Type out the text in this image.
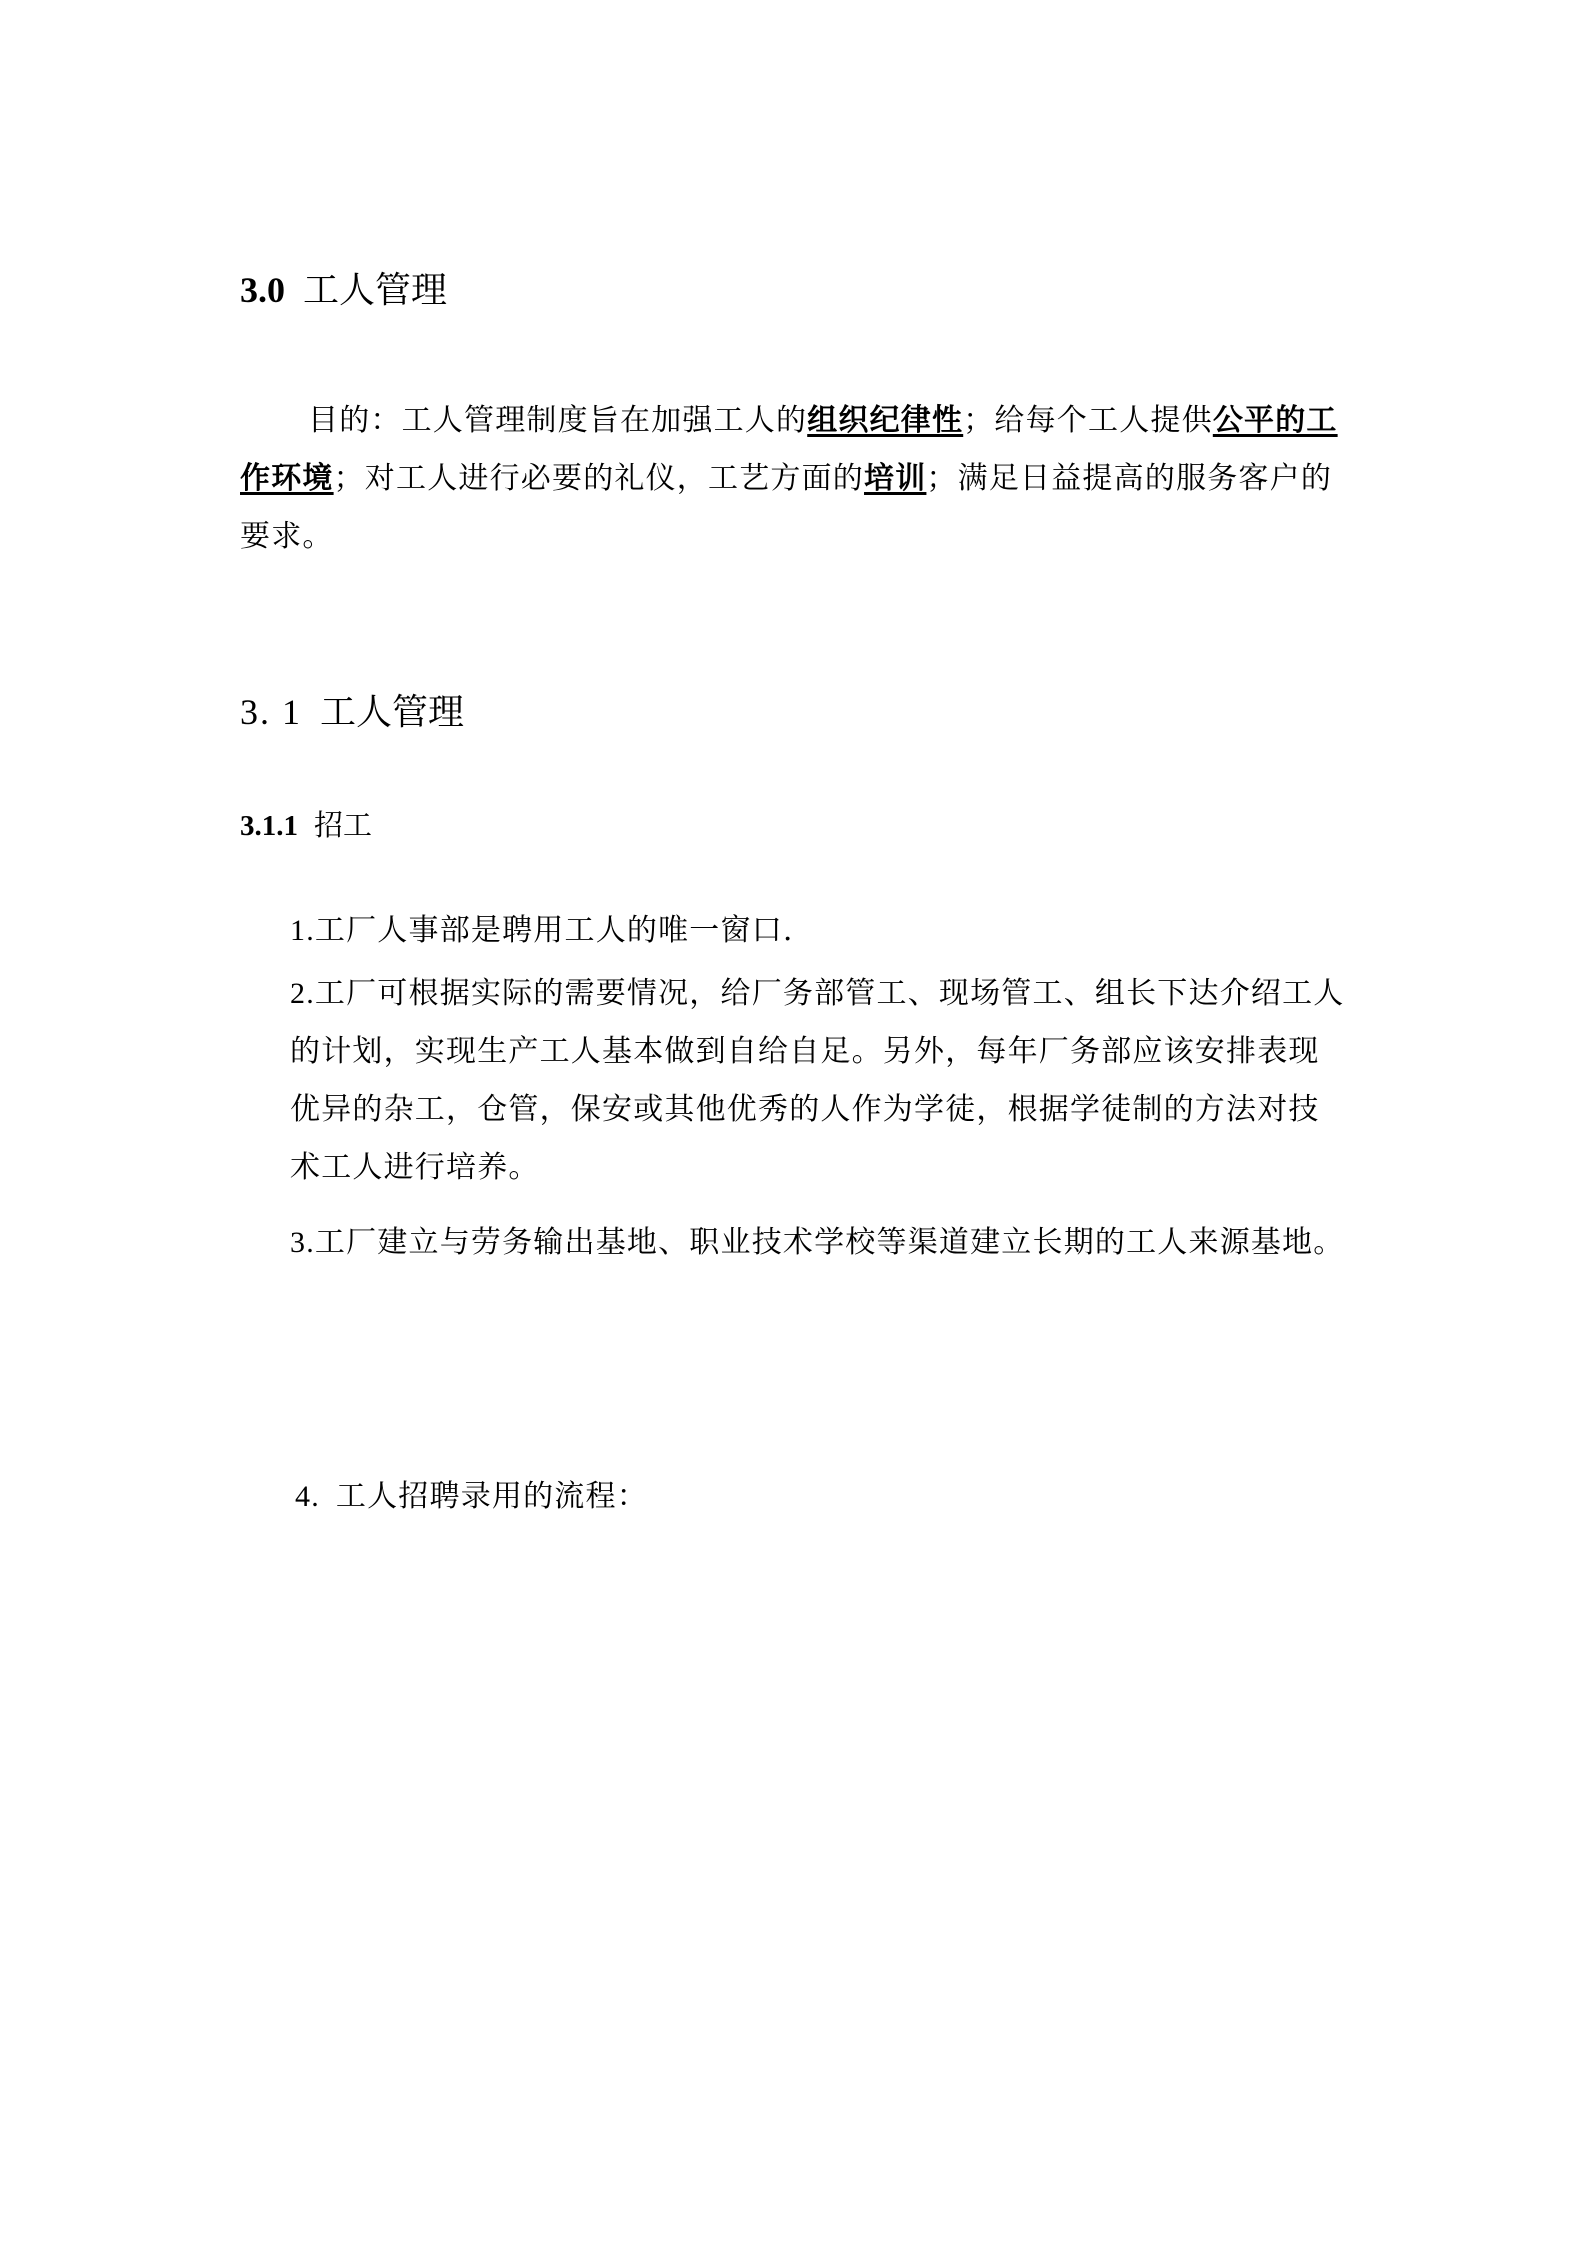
3.0 工人管理
目的：工人管理制度旨在加强工人的组织纪律性；给每个工人提供公平的工作环境；对工人进行必要的礼仪，工艺方面的培训；满足日益提高的服务客户的要求。
3. 1 工人管理
3.1.1 招工
1.工厂人事部是聘用工人的唯一窗口.
2.工厂可根据实际的需要情况，给厂务部管工、现场管工、组长下达介绍工人的计划，实现生产工人基本做到自给自足。另外，每年厂务部应该安排表现优异的杂工，仓管，保安或其他优秀的人作为学徒，根据学徒制的方法对技术工人进行培养。
3.工厂建立与劳务输出基地、职业技术学校等渠道建立长期的工人来源基地。
4. 工人招聘录用的流程：
